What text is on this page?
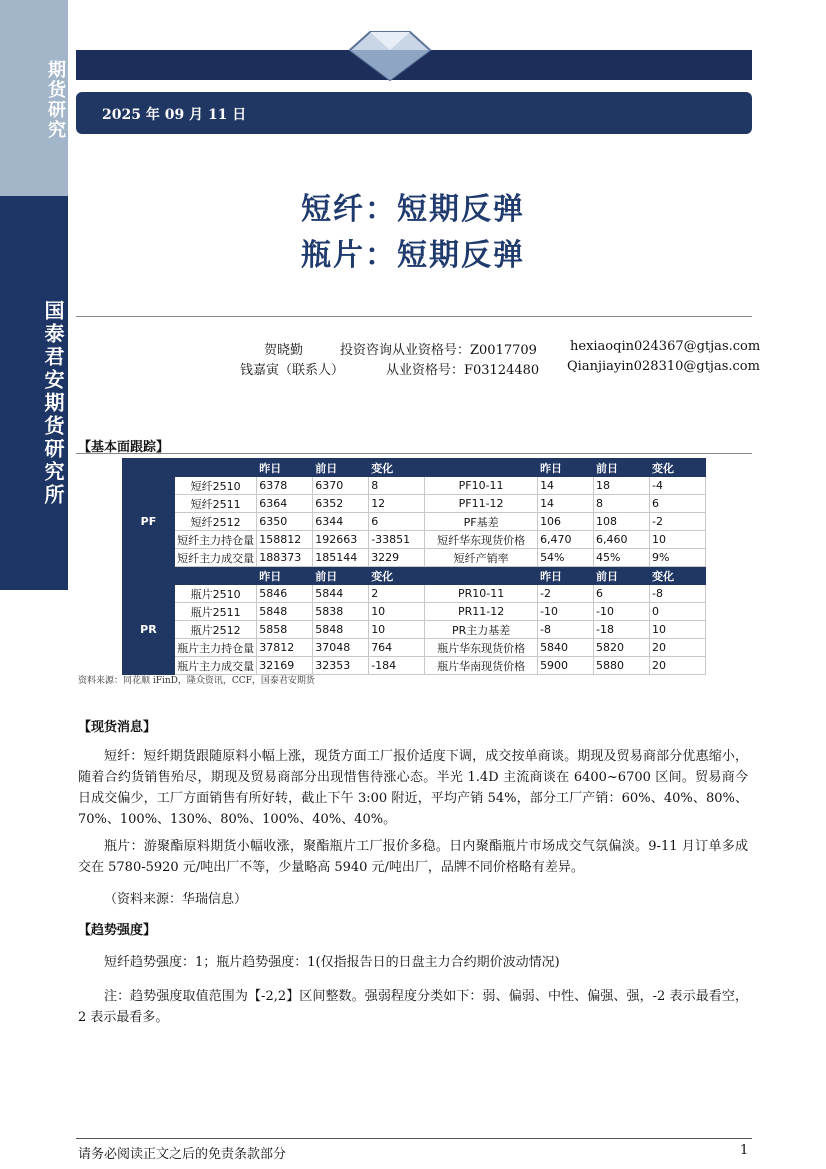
期货研究
国泰君安期货研究所
2025 年 09 月 11 日
短纤：短期反弹
瓶片：短期反弹
贺晓勤	投资咨询从业资格号：Z0017709	hexiaoqin024367@gtjas.com
钱嘉寅（联系人）	从业资格号：F03124480 Qianjiayin028310@gtjas.com
【基本面跟踪】
		昨日	前日	变化		昨日	前日	变化
PF	短纤2510	6378	6370	8	PF10-11	14	18	-4
	短纤2511	6364	6352	12	PF11-12	14	8	6
	短纤2512	6350	6344	6	PF基差	106	108	-2
	短纤主力持仓量	158812	192663	-33851	短纤华东现货价格	6,470	6,460	10
	短纤主力成交量	188373	185144	3229	短纤产销率	54%	45%	9%
		昨日	前日	变化		昨日	前日	变化
PR	瓶片2510	5846	5844	2	PR10-11	-2	6	-8
	瓶片2511	5848	5838	10	PR11-12	-10	-10	0
	瓶片2512	5858	5848	10	PR主力基差	-8	-18	10
	瓶片主力持仓量	37812	37048	764	瓶片华东现货价格	5840	5820	20
	瓶片主力成交量	32169	32353	-184	瓶片华南现货价格	5900	5880	20
资料来源：同花顺 iFinD，隆众资讯，CCF，国泰君安期货
【现货消息】
短纤：短纤期货跟随原料小幅上涨，现货方面工厂报价适度下调，成交按单商谈。期现及贸易商部分优惠缩小，随着合约货销售殆尽，期现及贸易商部分出现惜售待涨心态。半光 1.4D 主流商谈在 6400~6700 区间。贸易商今日成交偏少，工厂方面销售有所好转，截止下午 3:00 附近，平均产销 54%，部分工厂产销：60%、40%、80%、70%、100%、130%、80%、100%、40%、40%。
瓶片：游聚酯原料期货小幅收涨，聚酯瓶片工厂报价多稳。日内聚酯瓶片市场成交气氛偏淡。9-11 月订单多成交在 5780-5920 元/吨出厂不等，少量略高 5940 元/吨出厂，品牌不同价格略有差异。
（资料来源：华瑞信息）
【趋势强度】
短纤趋势强度：1；瓶片趋势强度：1(仅指报告日的日盘主力合约期价波动情况)
注：趋势强度取值范围为【-2,2】区间整数。强弱程度分类如下：弱、偏弱、中性、偏强、强，-2 表示最看空，2 表示最看多。
请务必阅读正文之后的免责条款部分	1
